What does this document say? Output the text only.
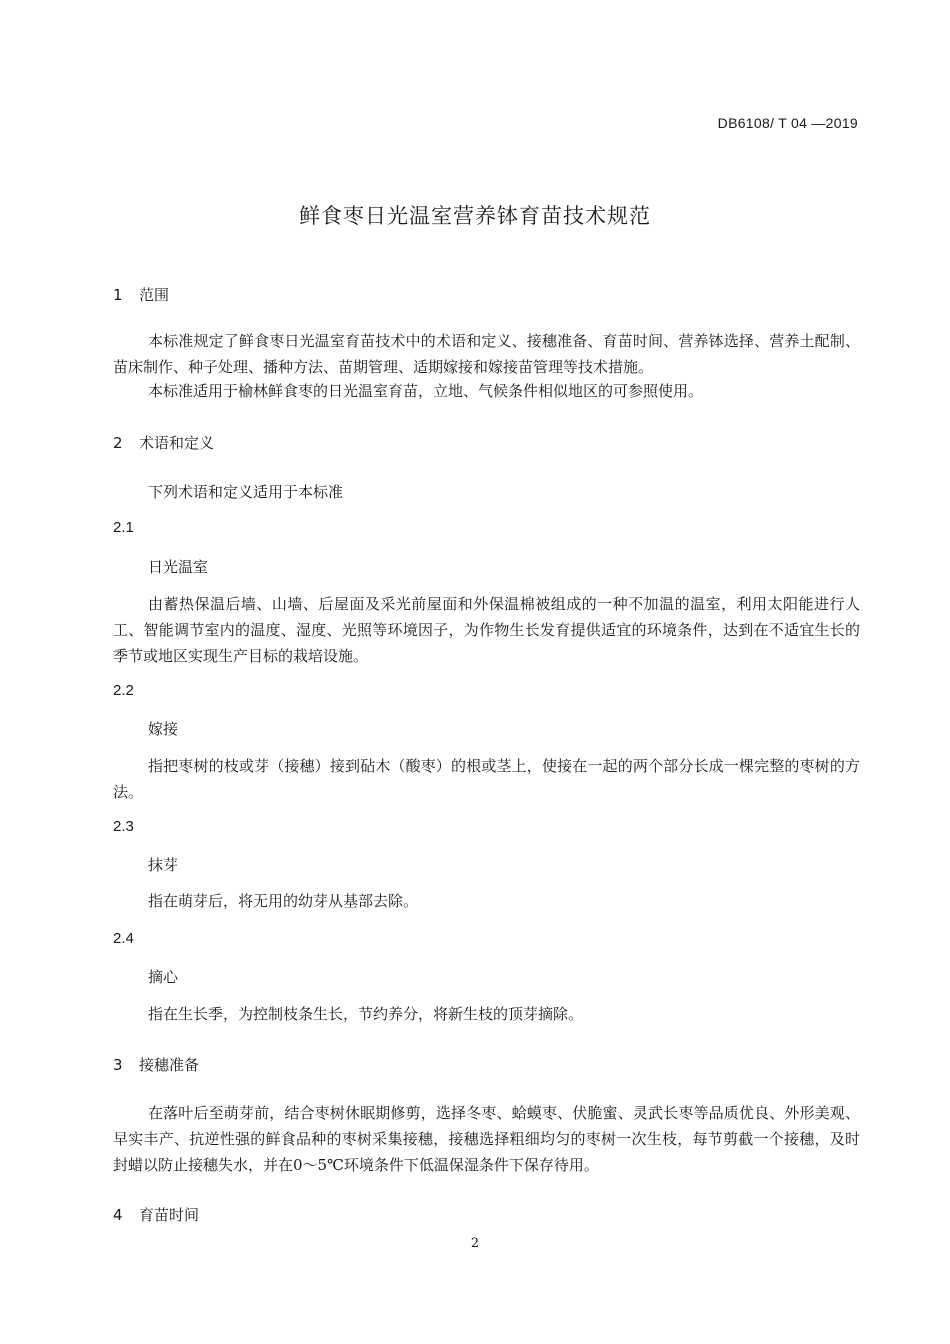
DB6108/ T 04 —2019
鲜食枣日光温室营养钵育苗技术规范
1 范围

本标准规定了鲜食枣日光温室育苗技术中的术语和定义、接穗准备、育苗时间、营养钵选择、营养土配制、苗床制作、种子处理、播种方法、苗期管理、适期嫁接和嫁接苗管理等技术措施。

本标准适用于榆林鲜食枣的日光温室育苗，立地、气候条件相似地区的可参照使用。

2 术语和定义

下列术语和定义适用于本标准

2.1
日光温室

由蓄热保温后墙、山墙、后屋面及采光前屋面和外保温棉被组成的一种不加温的温室，利用太阳能进行人工、智能调节室内的温度、湿度、光照等环境因子，为作物生长发育提供适宜的环境条件，达到在不适宜生长的季节或地区实现生产目标的栽培设施。

2.2
嫁接

指把枣树的枝或芽（接穗）接到砧木（酸枣）的根或茎上，使接在一起的两个部分长成一棵完整的枣树的方法。

2.3
抹芽

指在萌芽后，将无用的幼芽从基部去除。

2.4
摘心

指在生长季，为控制枝条生长，节约养分，将新生枝的顶芽摘除。

3 接穗准备

在落叶后至萌芽前，结合枣树休眠期修剪，选择冬枣、蛤蟆枣、伏脆蜜、灵武长枣等品质优良、外形美观、早实丰产、抗逆性强的鲜食品种的枣树采集接穗，接穗选择粗细均匀的枣树一次生枝，每节剪截一个接穗，及时封蜡以防止接穗失水，并在0～5℃环境条件下低温保湿条件下保存待用。

4 育苗时间
2
